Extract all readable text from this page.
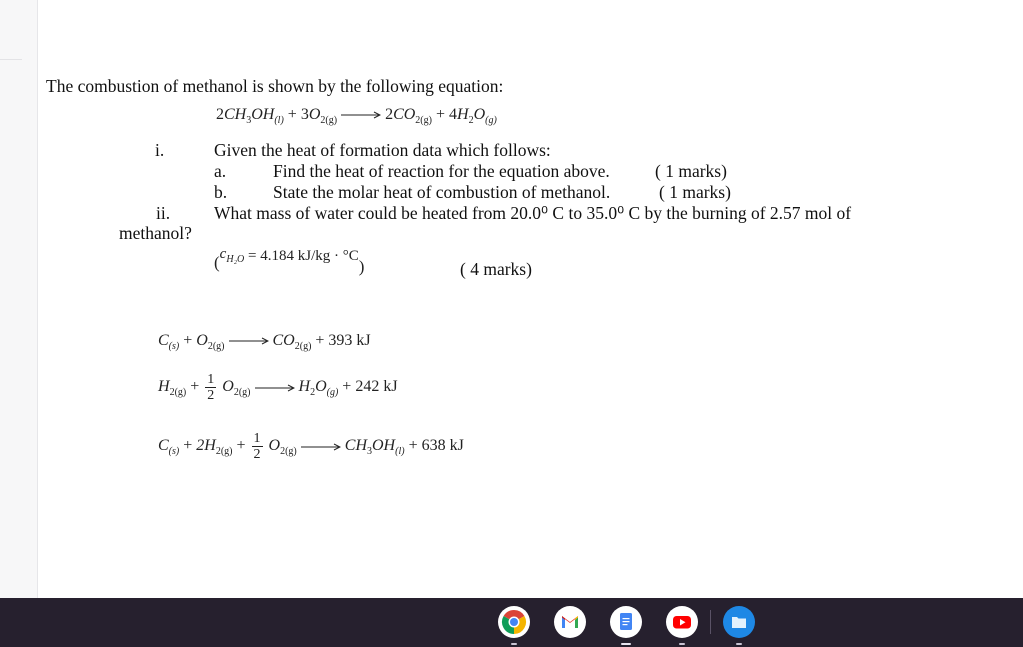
The combustion of methanol is shown by the following equation:
$2CH_3OH_{(l)} + 3O_{2(g)} \to 2CO_{2(g)} + 4H_2O_{(g)}$
i.	Given the heat of formation data which follows:
a.	Find the heat of reaction for the equation above.	( 1 marks)
b.	State the molar heat of combustion of methanol.	( 1 marks)
ii.	What mass of water could be heated from 20.0⁰ C to 35.0⁰ C by the burning of 2.57 mol of
methanol?
($c_{H_2O} = 4.184$ kJ/kg · °C)	( 4 marks)
$C_{(s)} + O_{2(g)} \to CO_{2(g)} + 393$ kJ
$H_{2(g)} + \frac{1}{2} O_{2(g)} \to H_2O_{(g)} + 242$ kJ
$C_{(s)} + 2H_{2(g)} + \frac{1}{2} O_{2(g)} \to CH_3OH_{(l)} + 638$ kJ
